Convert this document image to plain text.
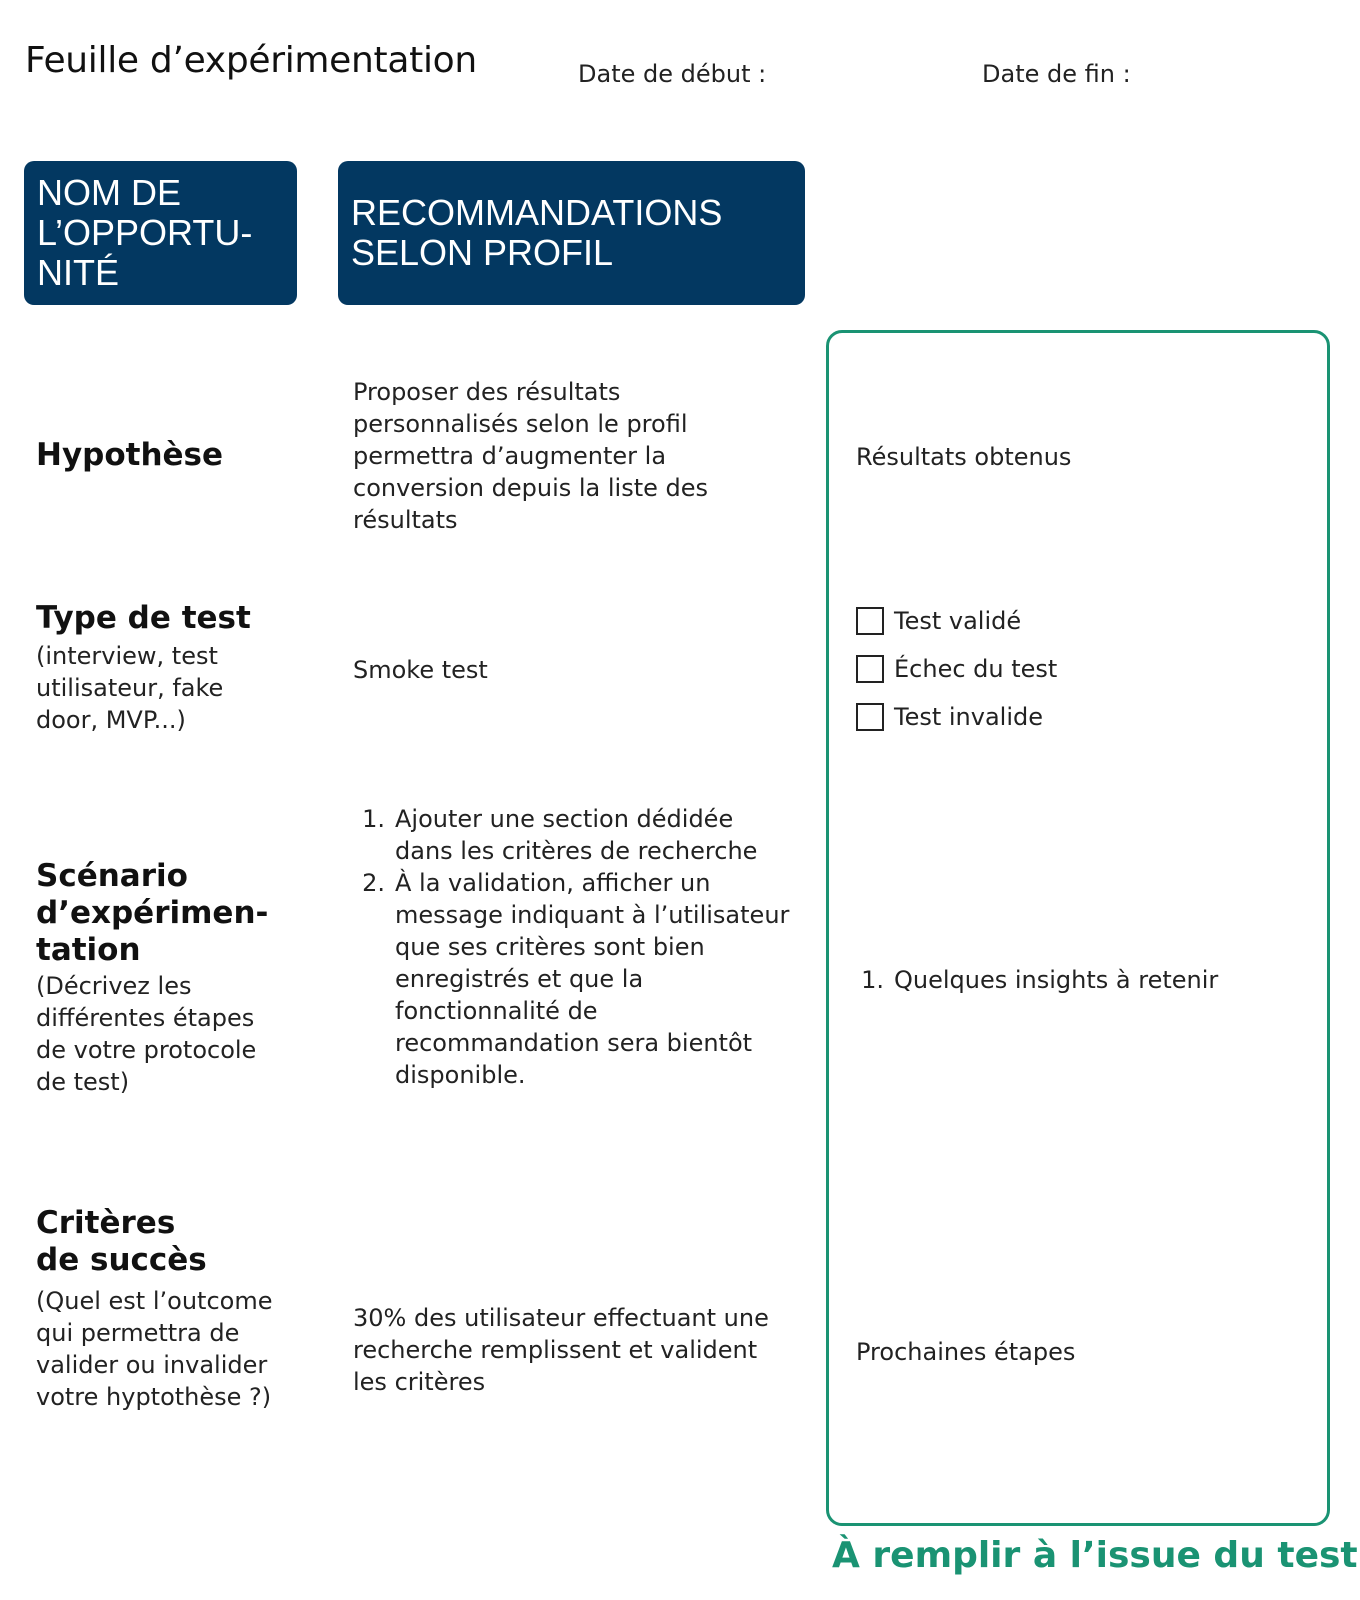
Feuille d’expérimentation	Date de début :	Date de fin :
NOM DE
L’OPPORTU-
NITÉ
RECOMMANDATIONS
SELON PROFIL
À remplir à l’issue du test
Hypothèse
Proposer des résultats personnalisés selon le profil permettra d’augmenter la conversion depuis la liste des résultats
Résultats obtenus
Type de test
(interview, test utilisateur, fake door, MVP...)
Smoke test
Test validé
Échec du test
Test invalide
Scénario
d’expérimen-
tation
(Décrivez les différentes étapes de votre protocole de test)
1. Ajouter une section dédidée dans les critères de recherche
2. À la validation, afficher un message indiquant à l’utilisateur que ses critères sont bien enregistrés et que la fonctionnalité de recommandation sera bientôt disponible.
1. Quelques insights à retenir
Critères
de succès
(Quel est l’outcome qui permettra de valider ou invalider votre hyptothèse ?)
30% des utilisateur effectuant une recherche remplissent et valident les critères
Prochaines étapes
